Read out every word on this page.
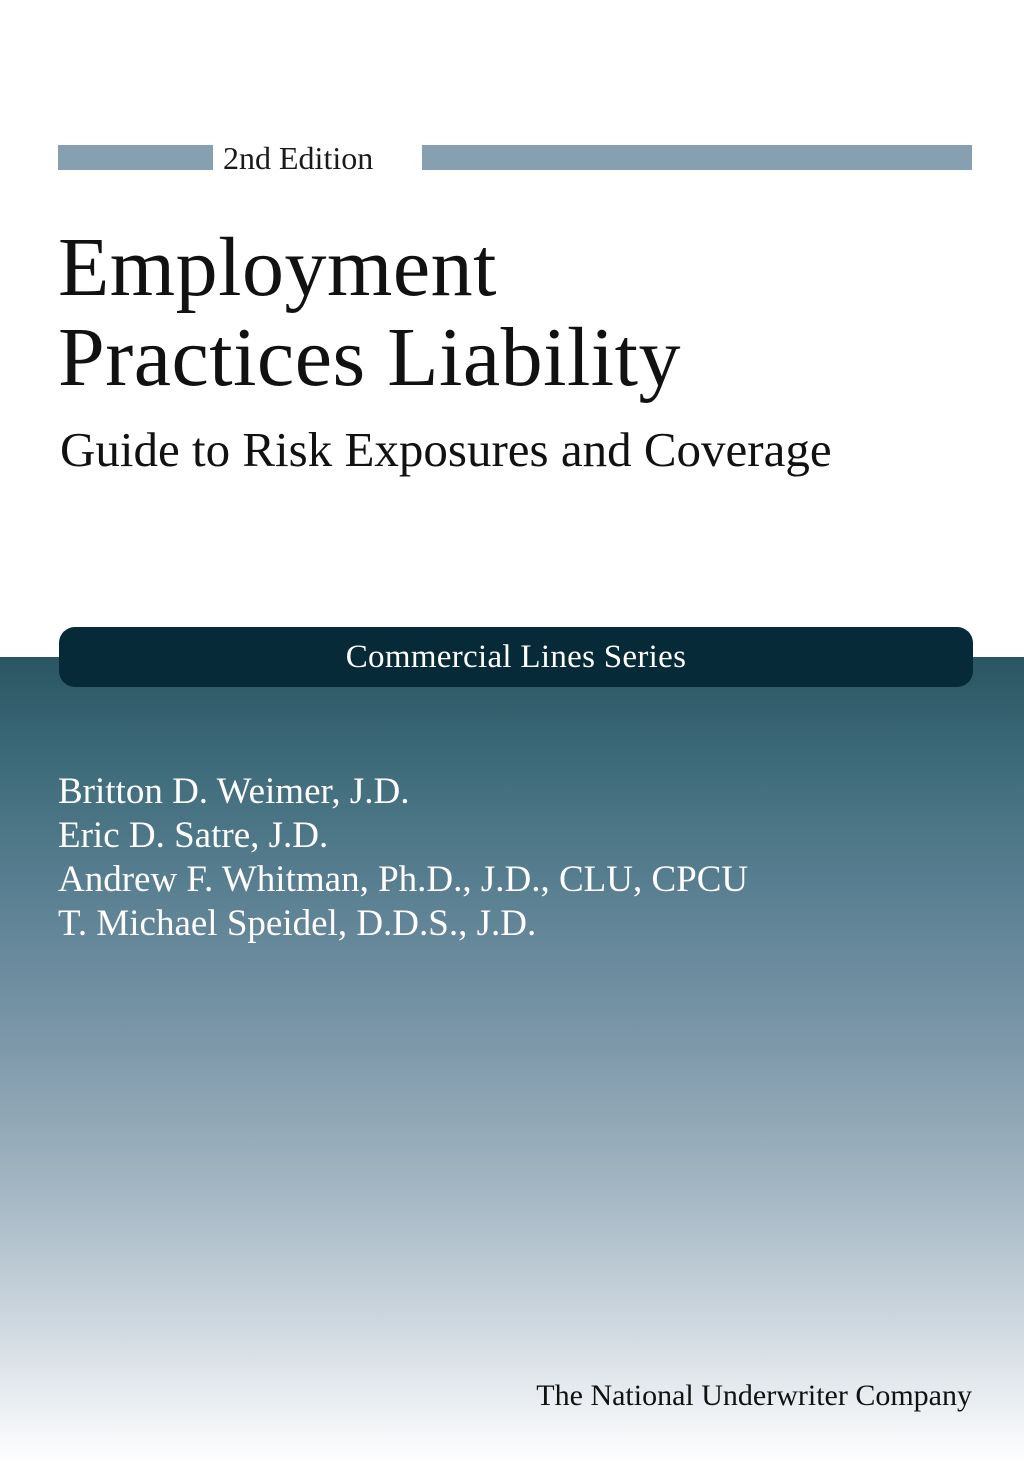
2nd Edition
Employment
Practices Liability
Guide to Risk Exposures and Coverage
Commercial Lines Series
Britton D. Weimer, J.D.
Eric D. Satre, J.D.
Andrew F. Whitman, Ph.D., J.D., CLU, CPCU
T. Michael Speidel, D.D.S., J.D.
The National Underwriter Company
